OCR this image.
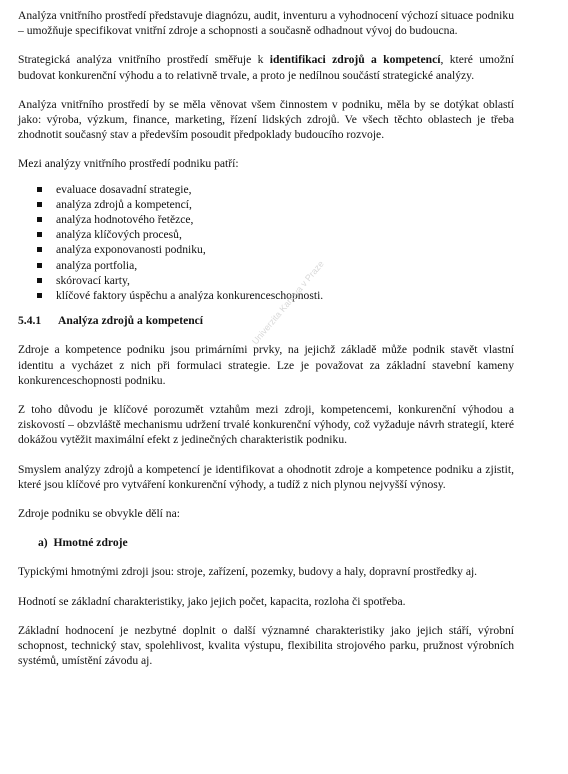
Analýza vnitřního prostředí představuje diagnózu, audit, inventuru a vyhodnocení výchozí situace podniku – umožňuje specifikovat vnitřní zdroje a schopnosti a současně odhadnout vývoj do budoucna.

Strategická analýza vnitřního prostředí směřuje k identifikaci zdrojů a kompetencí, které umožní budovat konkurenční výhodu a to relativně trvale, a proto je nedílnou součástí strategické analýzy.

Analýza vnitřního prostředí by se měla věnovat všem činnostem v podniku, měla by se dotýkat oblastí jako: výroba, výzkum, finance, marketing, řízení lidských zdrojů. Ve všech těchto oblastech je třeba zhodnotit současný stav a především posoudit předpoklady budoucího rozvoje.

Mezi analýzy vnitřního prostředí podniku patří:

evaluace dosavadní strategie,
analýza zdrojů a kompetencí,
analýza hodnotového řetězce,
analýza klíčových procesů,
analýza exponovanosti podniku,
analýza portfolia,
skórovací karty,
klíčové faktory úspěchu a analýza konkurenceschopnosti.
5.4.1 Analýza zdrojů a kompetencí

Zdroje a kompetence podniku jsou primárními prvky, na jejichž základě může podnik stavět vlastní identitu a vycházet z nich při formulaci strategie. Lze je považovat za základní stavební kameny konkurenceschopnosti podniku.

Z toho důvodu je klíčové porozumět vztahům mezi zdroji, kompetencemi, konkurenční výhodou a ziskovostí – obzvláště mechanismu udržení trvalé konkurenční výhody, což vyžaduje návrh strategií, které dokážou vytěžit maximální efekt z jedinečných charakteristik podniku.

Smyslem analýzy zdrojů a kompetencí je identifikovat a ohodnotit zdroje a kompetence podniku a zjistit, které jsou klíčové pro vytváření konkurenční výhody, a tudíž z nich plynou nejvyšší výnosy.

Zdroje podniku se obvykle dělí na:

a) Hmotné zdroje

Typickými hmotnými zdroji jsou: stroje, zařízení, pozemky, budovy a haly, dopravní prostředky aj.

Hodnotí se základní charakteristiky, jako jejich počet, kapacita, rozloha či spotřeba.

Základní hodnocení je nezbytné doplnit o další významné charakteristiky jako jejich stáří, výrobní schopnost, technický stav, spolehlivost, kvalita výstupu, flexibilita strojového parku, pružnost výrobních systémů, umístění závodu aj.

Univerzita Karlova v Praze
